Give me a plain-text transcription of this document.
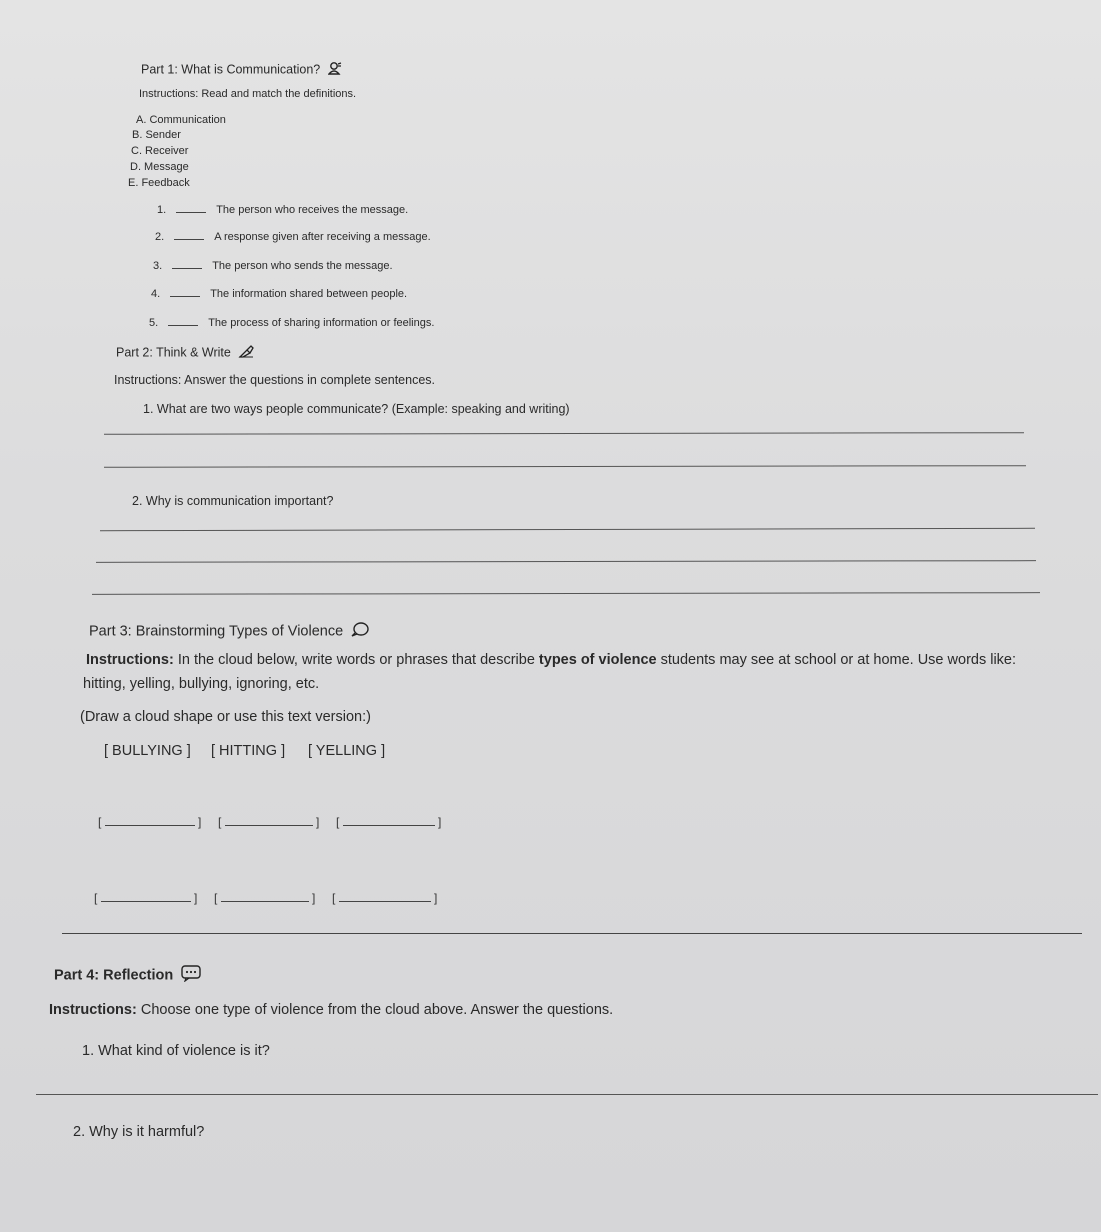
Part 1: What is Communication?
Instructions: Read and match the definitions.
A. Communication
B. Sender
C. Receiver
D. Message
E. Feedback
1.	The person who receives the message.
2.	A response given after receiving a message.
3.	The person who sends the message.
4.	The information shared between people.
5.	The process of sharing information or feelings.
Part 2: Think & Write
Instructions: Answer the questions in complete sentences.
1. What are two ways people communicate? (Example: speaking and writing)
2. Why is communication important?
Part 3: Brainstorming Types of Violence
Instructions: In the cloud below, write words or phrases that describe types of violence students may see at school or at home. Use words like:
hitting, yelling, bullying, ignoring, etc.
(Draw a cloud shape or use this text version:)
[ BULLYING ] [ HITTING ] [ YELLING ]
[	] [	] [	]
[	] [	] [	]
Part 4: Reflection
Instructions: Choose one type of violence from the cloud above. Answer the questions.
1. What kind of violence is it?
2. Why is it harmful?
